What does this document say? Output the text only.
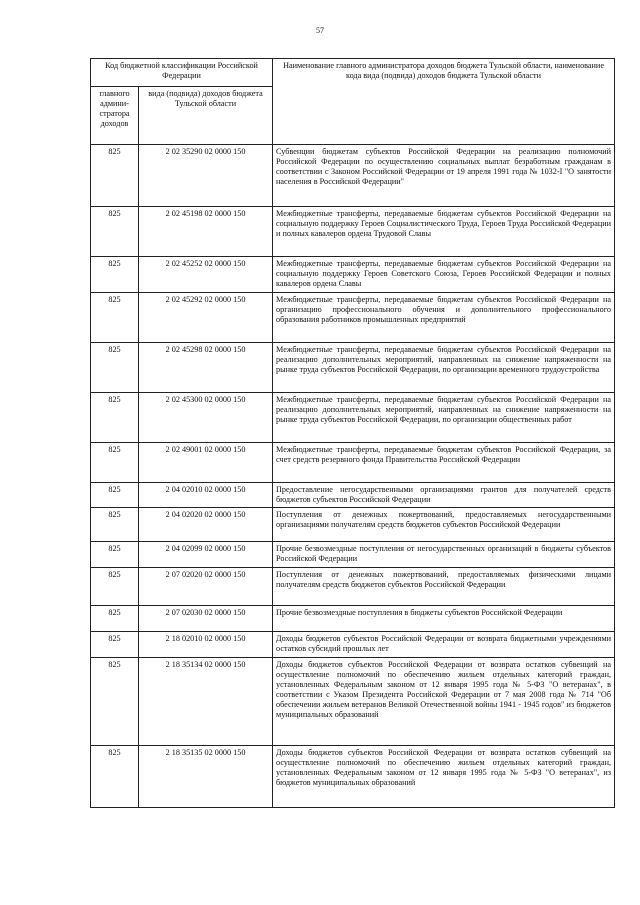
57
Код бюджетной классификации Российской Федерации		Наименование главного администратора доходов бюджета Тульской области, наименование кода вида (подвида) доходов бюджета Тульской области
главного админи-стратора доходов	вида (подвида) доходов бюджета Тульской области	
825	2 02 35290 02 0000 150	Субвенции бюджетам субъектов Российской Федерации на реализацию полномочий Российской Федерации по осуществлению социальных выплат безработным гражданам в соответствии с Законом Российской Федерации от 19 апреля 1991 года № 1032-I "О занятости населения в Российской Федерации"
825	2 02 45198 02 0000 150	Межбюджетные трансферты, передаваемые бюджетам субъектов Российской Федерации на социальную поддержку Героев Социалистического Труда, Героев Труда Российской Федерации и полных кавалеров ордена Трудовой Славы
825	2 02 45252 02 0000 150	Межбюджетные трансферты, передаваемые бюджетам субъектов Российской Федерации на социальную поддержку Героев Советского Союза, Героев Российской Федерации и полных кавалеров ордена Славы
825	2 02 45292 02 0000 150	Межбюджетные трансферты, передаваемые бюджетам субъектов Российской Федерации на организацию профессионального обучения и дополнительного профессионального образования работников промышленных предприятий
825	2 02 45298 02 0000 150	Межбюджетные трансферты, передаваемые бюджетам субъектов Российской Федерации на реализацию дополнительных мероприятий, направленных на снижение напряженности на рынке труда субъектов Российской Федерации, по организации временного трудоустройства
825	2 02 45300 02 0000 150	Межбюджетные трансферты, передаваемые бюджетам субъектов Российской Федерации на реализацию дополнительных мероприятий, направленных на снижение напряженности на рынке труда субъектов Российской Федерации, по организации общественных работ
825	2 02 49001 02 0000 150	Межбюджетные трансферты, передаваемые бюджетам субъектов Российской Федерации, за счет средств резервного фонда Правительства Российской Федерации
825	2 04 02010 02 0000 150	Предоставление негосударственными организациями грантов для получателей средств бюджетов субъектов Российской Федерации
825	2 04 02020 02 0000 150	Поступления от денежных пожертвований, предоставляемых негосударственными организациями получателям средств бюджетов субъектов Российской Федерации
825	2 04 02099 02 0000 150	Прочие безвозмездные поступления от негосударственных организаций в бюджеты субъектов Российской Федерации
825	2 07 02020 02 0000 150	Поступления от денежных пожертвований, предоставляемых физическими лицами получателям средств бюджетов субъектов Российской Федерации
825	2 07 02030 02 0000 150	Прочие безвозмездные поступления в бюджеты субъектов Российской Федерации
825	2 18 02010 02 0000 150	Доходы бюджетов субъектов Российской Федерации от возврата бюджетными учреждениями остатков субсидий прошлых лет
825	2 18 35134 02 0000 150	Доходы бюджетов субъектов Российской Федерации от возврата остатков субвенций на осуществление полномочий по обеспечению жильем отдельных категорий граждан, установленных Федеральным законом от 12 января 1995 года № 5-ФЗ "О ветеранах", в соответствии с Указом Президента Российской Федерации от 7 мая 2008 года № 714 "Об обеспечении жильем ветеранов Великой Отечественной войны 1941 - 1945 годов" из бюджетов муниципальных образований
825	2 18 35135 02 0000 150	Доходы бюджетов субъектов Российской Федерации от возврата остатков субвенций на осуществление полномочий по обеспечению жильем отдельных категорий граждан, установленных Федеральным законом от 12 января 1995 года № 5-ФЗ "О ветеранах", из бюджетов муниципальных образований
